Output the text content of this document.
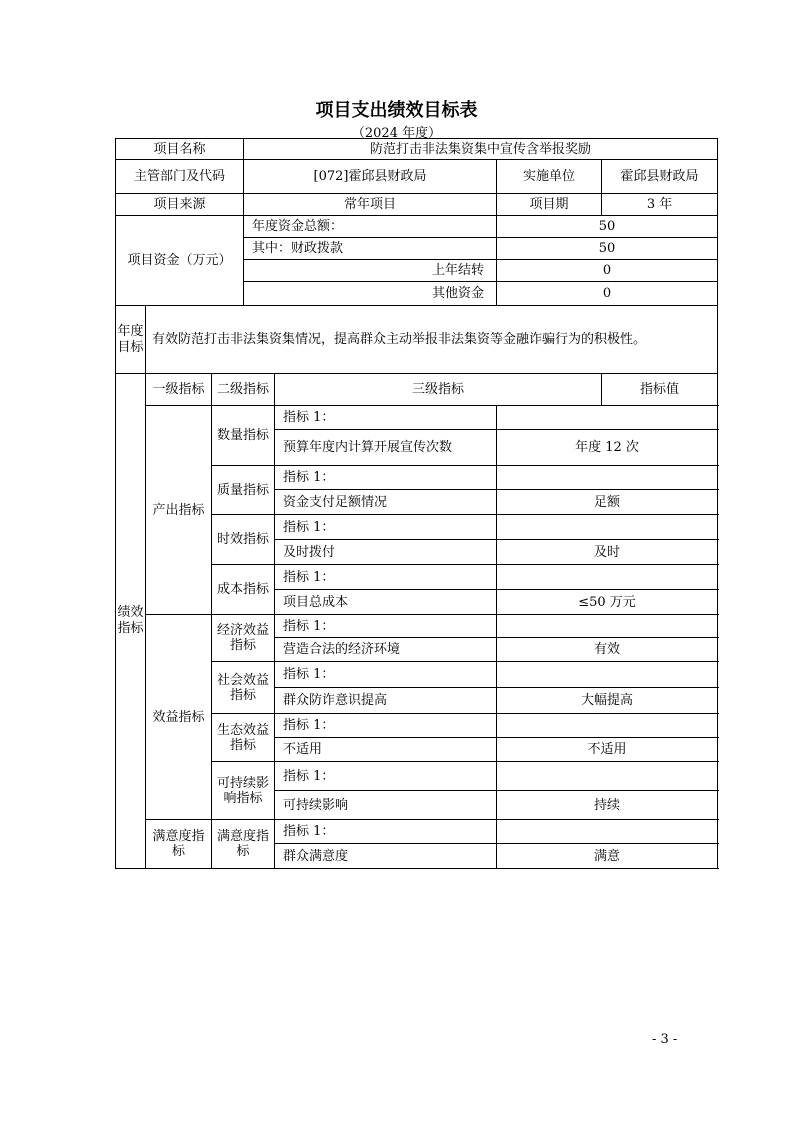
项目支出绩效目标表
（2024 年度）
项目名称			防范打击非法集资集中宣传含举报奖励			
主管部门及代码			[072]霍邱县财政局		实施单位	霍邱县财政局
项目来源			常年项目		项目期	3 年
项目资金（万元）			年度资金总额：		50	
			其中：财政拨款		50	
			上年结转		0	
			其他资金		0	
年度目标	有效防范打击非法集资集情况，提高群众主动举报非法集资等金融诈骗行为的积极性。					
绩效指标	一级指标	二级指标		三级指标		指标值
	产出指标	数量指标		指标 1：		
				预算年度内计算开展宣传次数	年度 12 次	
		质量指标		指标 1：		
				资金支付足额情况	足额	
		时效指标		指标 1：		
				及时拨付	及时	
		成本指标		指标 1：		
				项目总成本	≤50 万元	
	效益指标	经济效益指标		指标 1：		
				营造合法的经济环境	有效	
		社会效益指标		指标 1：		
				群众防诈意识提高	大幅提高	
		生态效益指标		指标 1：		
				不适用	不适用	
		可持续影响指标		指标 1：		
				可持续影响	持续	
	满意度指标	满意度指标		指标 1：		
				群众满意度	满意	
- 3 -
